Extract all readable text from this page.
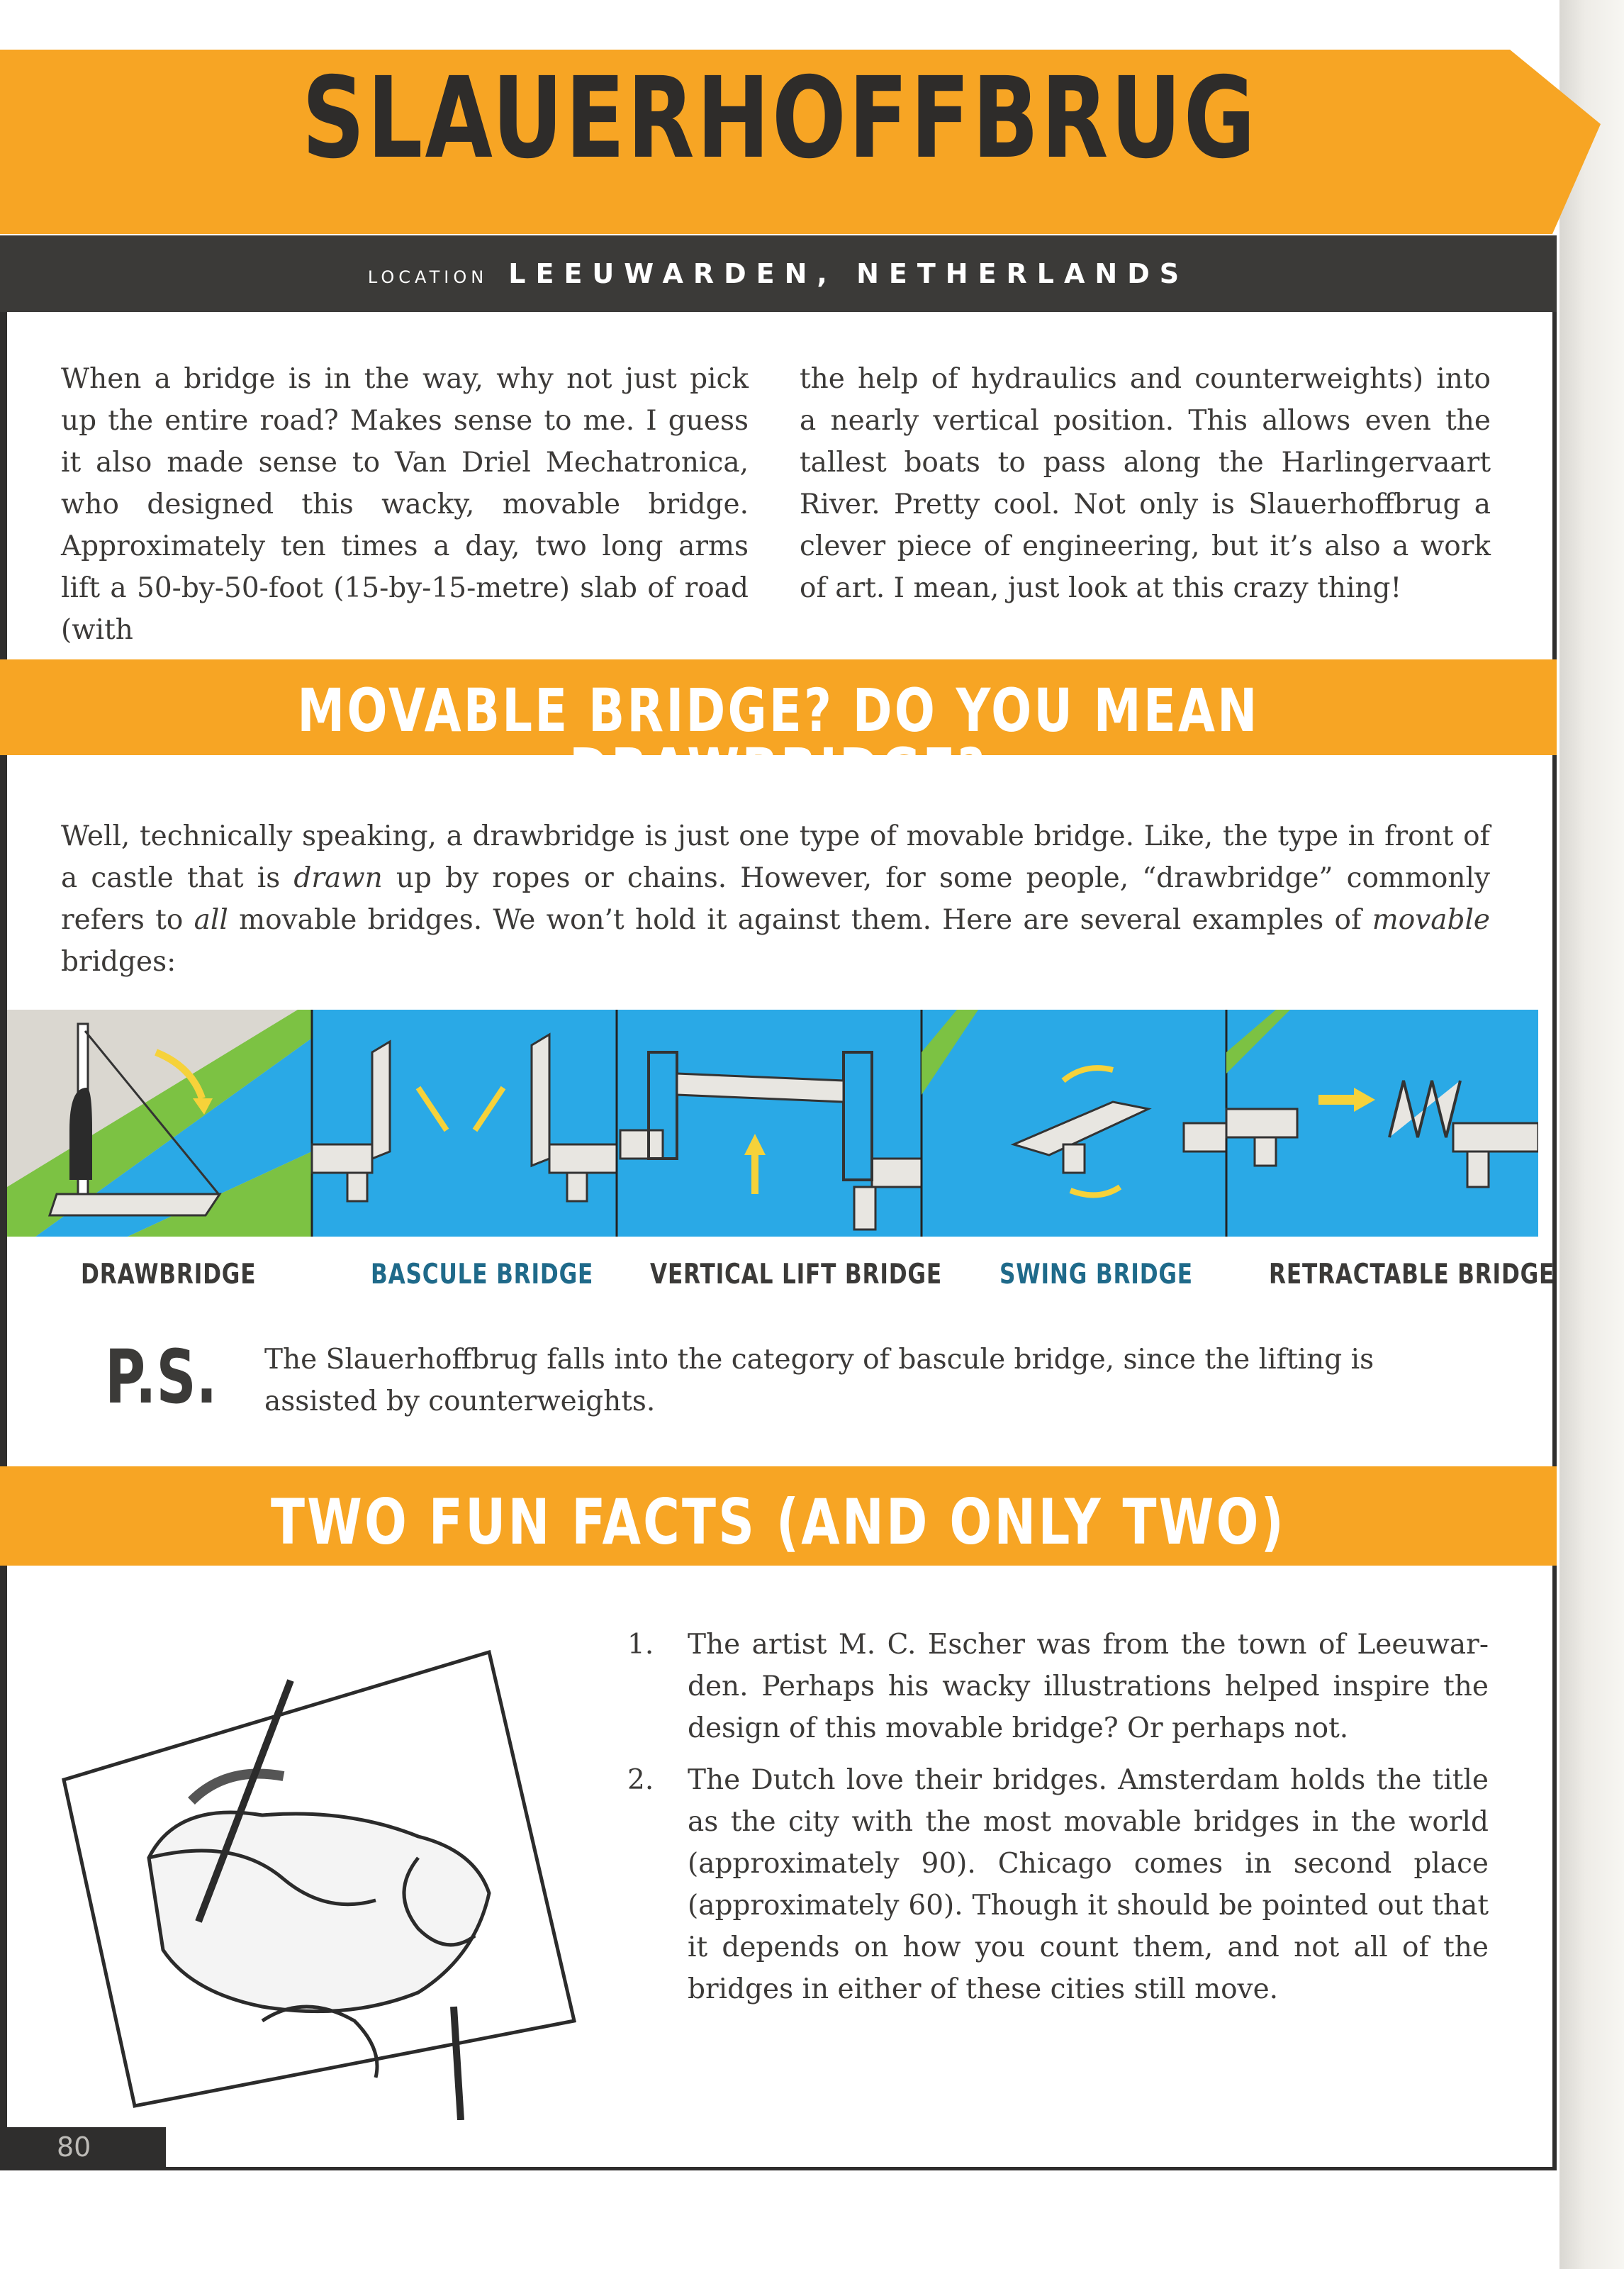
SLAUERHOFFBRUG
LOCATION LEEUWARDEN, NETHERLANDS
When a bridge is in the way, why not just pick up the entire road? Makes sense to me. I guess it also made sense to Van Driel Mechatronica, who designed this wacky, movable bridge. Approximately ten times a day, two long arms lift a 50-by-50-foot (15-by-15-metre) slab of road (with
the help of hydraulics and counterweights) into a nearly vertical position. This allows even the tallest boats to pass along the Harlingervaart River. Pretty cool. Not only is Slauerhoffbrug a clever piece of engineering, but it’s also a work of art. I mean, just look at this crazy thing!
MOVABLE BRIDGE? DO YOU MEAN DRAWBRIDGE?
Well, technically speaking, a drawbridge is just one type of movable bridge. Like, the type in front of a castle that is drawn up by ropes or chains. However, for some people, “drawbridge” commonly refers to all movable bridges. We won’t hold it against them. Here are several examples of movable bridges:
DRAWBRIDGE	BASCULE BRIDGE VERTICAL LIFT BRIDGE SWING BRIDGE	RETRACTABLE BRIDGE
P.S. The Slauerhoffbrug falls into the category of bascule bridge, since the lifting is assisted by counterweights.
TWO FUN FACTS (AND ONLY TWO)
1. The artist M. C. Escher was from the town of Leeuwarden. Perhaps his wacky illustrations helped inspire the design of this movable bridge? Or perhaps not.
2. The Dutch love their bridges. Amsterdam holds the title as the city with the most movable bridges in the world (approximately 90). Chicago comes in second place (approximately 60). Though it should be pointed out that it depends on how you count them, and not all of the bridges in either of these cities still move.
80
